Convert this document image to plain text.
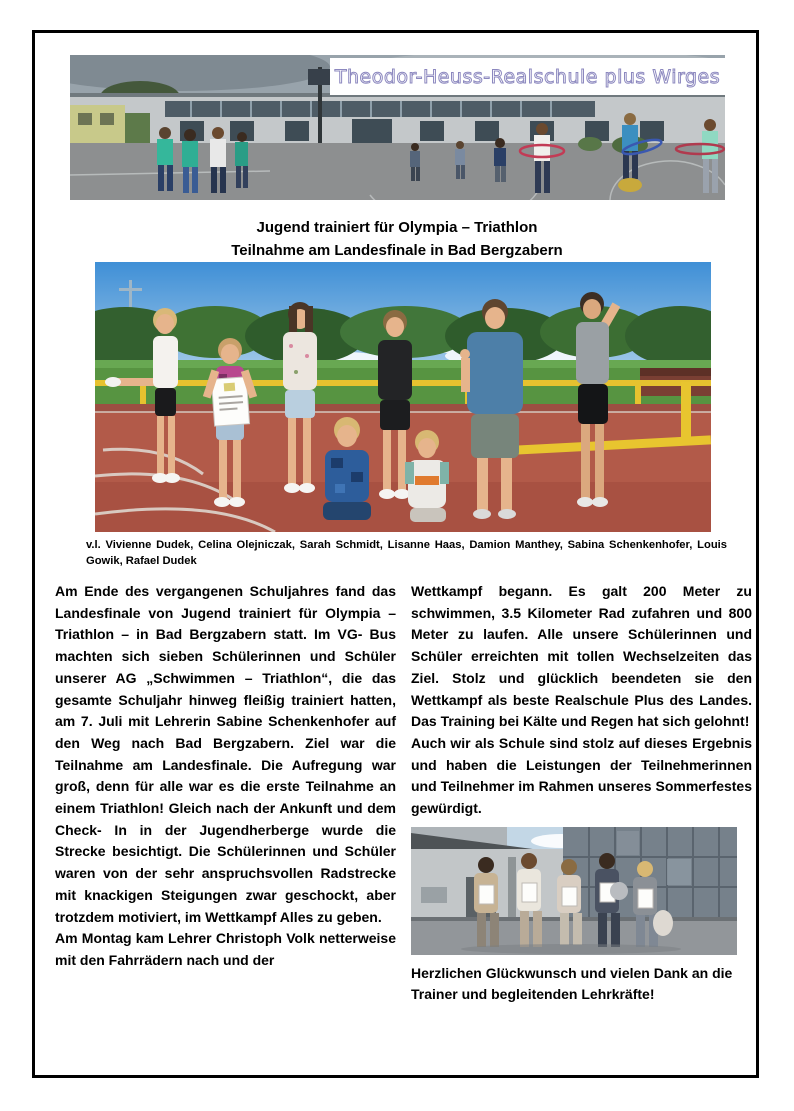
Theodor-Heuss-Realschule plus Wirges
Jugend trainiert für Olympia – Triathlon
Teilnahme am Landesfinale in Bad Bergzabern
v.l. Vivienne Dudek, Celina Olejniczak, Sarah Schmidt, Lisanne Haas, Damion Manthey, Sabina Schenkenhofer, Louis Gowik, Rafael Dudek

Am Ende des vergangenen Schuljahres fand das Landesfinale von Jugend trainiert für Olympia – Triathlon – in Bad Bergzabern statt. Im VG- Bus machten sich sieben Schülerinnen und Schüler unserer AG „Schwimmen – Triathlon“, die das gesamte Schuljahr hinweg fleißig trainiert hatten, am 7. Juli mit Lehrerin Sabine Schenkenhofer auf den Weg nach Bad Bergzabern. Ziel war die Teilnahme am Landesfinale. Die Aufregung war groß, denn für alle war es die erste Teilnahme an einem Triathlon! Gleich nach der Ankunft und dem Check- In in der Jugendherberge wurde die Strecke besichtigt. Die Schülerinnen und Schüler waren von der sehr anspruchsvollen Radstrecke mit knackigen Steigungen zwar geschockt, aber trotzdem motiviert, im Wettkampf Alles zu geben.

Am Montag kam Lehrer Christoph Volk netterweise mit den Fahrrädern nach und der

Wettkampf begann. Es galt 200 Meter zu schwimmen, 3.5 Kilometer Rad zufahren und 800 Meter zu laufen. Alle unsere Schülerinnen und Schüler erreichten mit tollen Wechselzeiten das Ziel. Stolz und glücklich beendeten sie den Wettkampf als beste Realschule Plus des Landes. Das Training bei Kälte und Regen hat sich gelohnt!

Auch wir als Schule sind stolz auf dieses Ergebnis und haben die Leistungen der Teilnehmerinnen und Teilnehmer im Rahmen unseres Sommerfestes gewürdigt.

Herzlichen Glückwunsch und vielen Dank an die Trainer und begleitenden Lehrkräfte!
